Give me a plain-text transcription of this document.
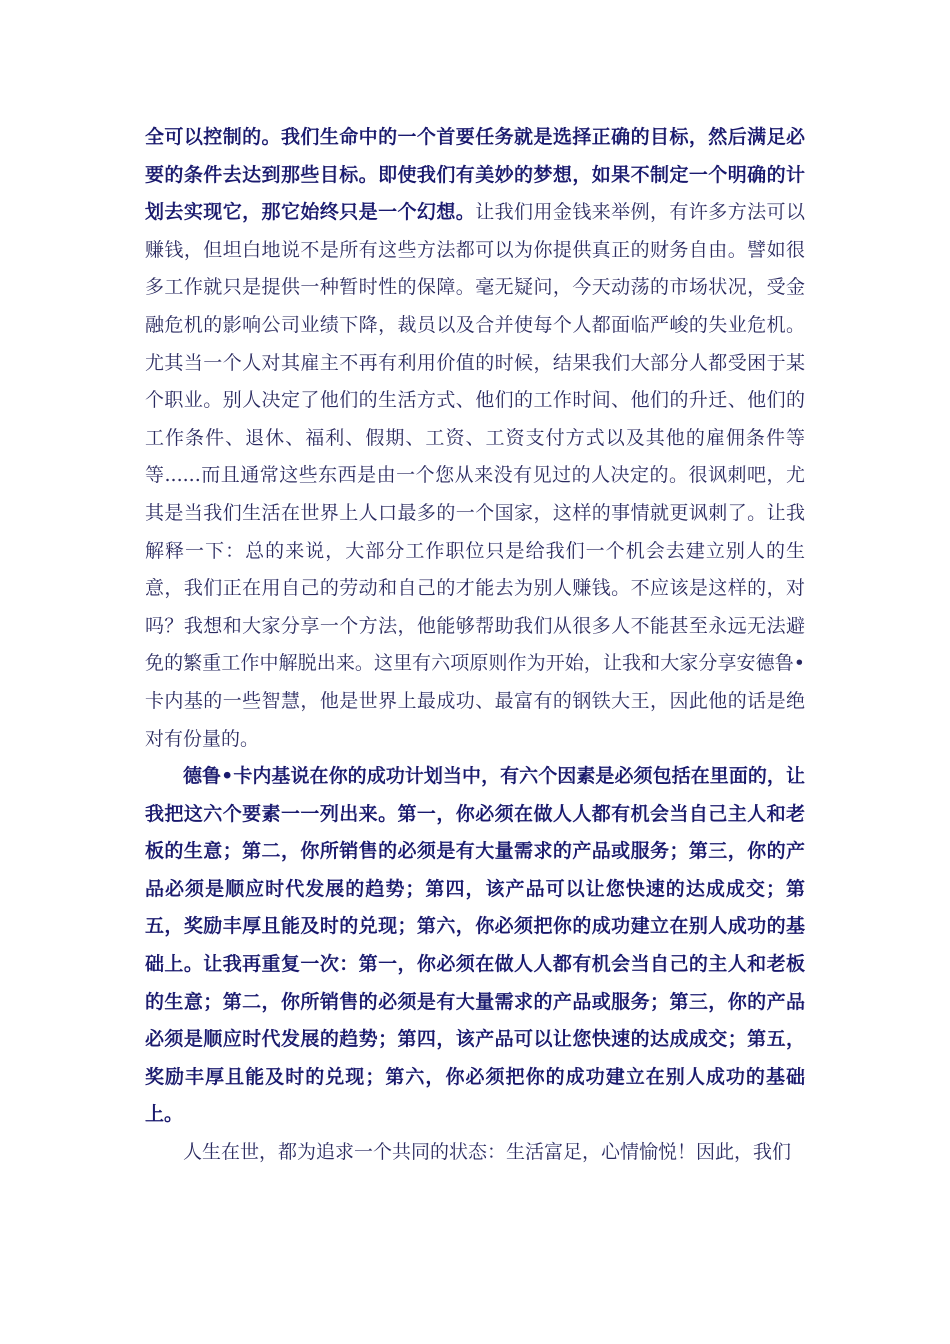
全可以控制的。我们生命中的一个首要任务就是选择正确的目标，然后满足必要的条件去达到那些目标。即使我们有美妙的梦想，如果不制定一个明确的计划去实现它，那它始终只是一个幻想。让我们用金钱来举例，有许多方法可以赚钱，但坦白地说不是所有这些方法都可以为你提供真正的财务自由。譬如很多工作就只是提供一种暂时性的保障。毫无疑问，今天动荡的市场状况，受金融危机的影响公司业绩下降，裁员以及合并使每个人都面临严峻的失业危机。尤其当一个人对其雇主不再有利用价值的时候，结果我们大部分人都受困于某个职业。别人决定了他们的生活方式、他们的工作时间、他们的升迁、他们的工作条件、退休、福利、假期、工资、工资支付方式以及其他的雇佣条件等等......而且通常这些东西是由一个您从来没有见过的人决定的。很讽刺吧，尤其是当我们生活在世界上人口最多的一个国家，这样的事情就更讽刺了。让我解释一下：总的来说，大部分工作职位只是给我们一个机会去建立别人的生意，我们正在用自己的劳动和自己的才能去为别人赚钱。不应该是这样的，对吗？我想和大家分享一个方法，他能够帮助我们从很多人不能甚至永远无法避免的繁重工作中解脱出来。这里有六项原则作为开始，让我和大家分享安德鲁•卡内基的一些智慧，他是世界上最成功、最富有的钢铁大王，因此他的话是绝对有份量的。

德鲁•卡内基说在你的成功计划当中，有六个因素是必须包括在里面的，让我把这六个要素一一列出来。第一，你必须在做人人都有机会当自己主人和老板的生意；第二，你所销售的必须是有大量需求的产品或服务；第三，你的产品必须是顺应时代发展的趋势；第四，该产品可以让您快速的达成成交；第五，奖励丰厚且能及时的兑现；第六，你必须把你的成功建立在别人成功的基础上。让我再重复一次：第一，你必须在做人人都有机会当自己的主人和老板的生意；第二，你所销售的必须是有大量需求的产品或服务；第三，你的产品必须是顺应时代发展的趋势；第四，该产品可以让您快速的达成成交；第五，奖励丰厚且能及时的兑现；第六，你必须把你的成功建立在别人成功的基础上。

人生在世，都为追求一个共同的状态：生活富足，心情愉悦！因此，我们
